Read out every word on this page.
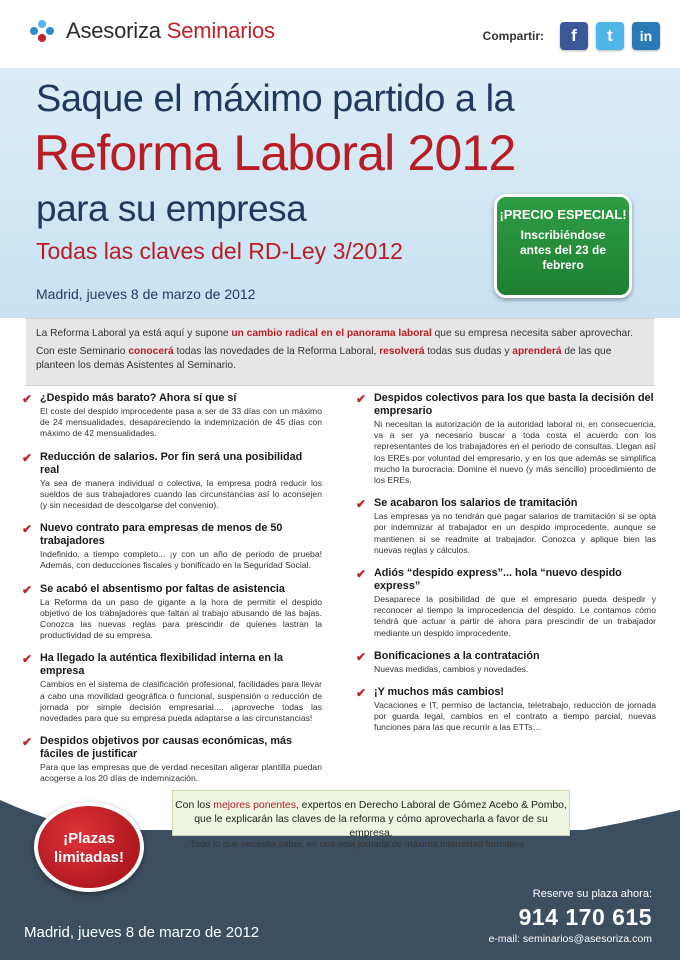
Asesoriza Seminarios	Compartir:	f	t	in
Saque el máximo partido a la
Reforma Laboral 2012
para su empresa
Todas las claves del RD-Ley 3/2012
Madrid, jueves 8 de marzo de 2012
¡PRECIO ESPECIAL!
Inscribiéndose antes del 23 de febrero

La Reforma Laboral ya está aquí y supone un cambio radical en el panorama laboral que su empresa necesita saber aprovechar.

Con este Seminario conocerá todas las novedades de la Reforma Laboral, resolverá todas sus dudas y aprenderá de las que planteen los demas Asistentes al Seminario.

✔ ¿Despido más barato? Ahora sí que sí
El coste del despido improcedente pasa a ser de 33 días con un máximo de 24 mensualidades, desapareciendo la indemnización de 45 días con máximo de 42 mensualidades.
✔ Reducción de salarios. Por fin será una posibilidad real
Ya sea de manera individual o colectiva, la empresa podrá reducir los sueldos de sus trabajadores cuando las circunstancias así lo aconsejen (y sin necesidad de descolgarse del convenio).
✔ Nuevo contrato para empresas de menos de 50 trabajadores
Indefinido, a tiempo completo... ¡y con un año de periodo de prueba! Además, con deducciones fiscales y bonificado en la Seguridad Social.
✔ Se acabó el absentismo por faltas de asistencia
La Reforma da un paso de gigante a la hora de permitir el despido objetivo de los trabajadores que faltan al trabajo abusando de las bajas. Conozca las nuevas reglas para prescindir de quienes lastran la productividad de su empresa.
✔ Ha llegado la auténtica flexibilidad interna en la empresa
Cambios en el sistema de clasificación profesional, facilidades para llevar a cabo una movilidad geográfica o funcional, suspensión o reducción de jornada por simple decisión empresarial.... ¡aproveche todas las novedades para que su empresa pueda adaptarse a las circunstancias!
✔ Despidos objetivos por causas económicas, más fáciles de justificar
Para que las empresas que de verdad necesitan aligerar plantilla puedan acogerse a los 20 días de indemnización.
✔ Despidos colectivos para los que basta la decisión del empresario
Ni necesitan la autorización de la autoridad laboral ni, en consecuencia, va a ser ya necesario buscar a toda costa el acuerdo con los representantes de los trabajadores en el periodo de consultas. Llegan así los EREs por voluntad del empresario, y en los que además se simplifica mucho la burocracia. Domine el nuevo (y más sencillo) procedimiento de los EREs.
✔ Se acabaron los salarios de tramitación
Las empresas ya no tendrán que pagar salarios de tramitación si se opta por indemnizar al trabajador en un despido improcedente, aunque se mantienen si se readmite al trabajador. Conozca y aplique bien las nuevas reglas y cálculos.
✔ Adiós “despido express”... hola “nuevo despido express”
Desaparece la posibilidad de que el empresario pueda despedir y reconocer al tiempo la improcedencia del despido. Le contamos cómo tendrá que actuar a partir de ahora para prescindir de un trabajador mediante un despido improcedente.
✔ Bonificaciones a la contratación
Nuevas medidas, cambios y novedades.
✔ ¡Y muchos más cambios!
Vacaciones e IT, permiso de lactancia, teletrabajo, reducción de jornada por guarda legal, cambios en el contrato a tiempo parcial, nuevas funciones para las que recurrir a las ETTs…
Con los mejores ponentes, expertos en Derecho Laboral de Gómez Acebo & Pombo,
que le explicarán las claves de la reforma y cómo aprovecharla a favor de su empresa.
Todo lo que necesita saber, en una sola jornada de máxima intensidad formativa
¡Plazas
limitadas!
Madrid, jueves 8 de marzo de 2012
Reserve su plaza ahora:
914 170 615
e-mail: seminarios@asesoriza.com
